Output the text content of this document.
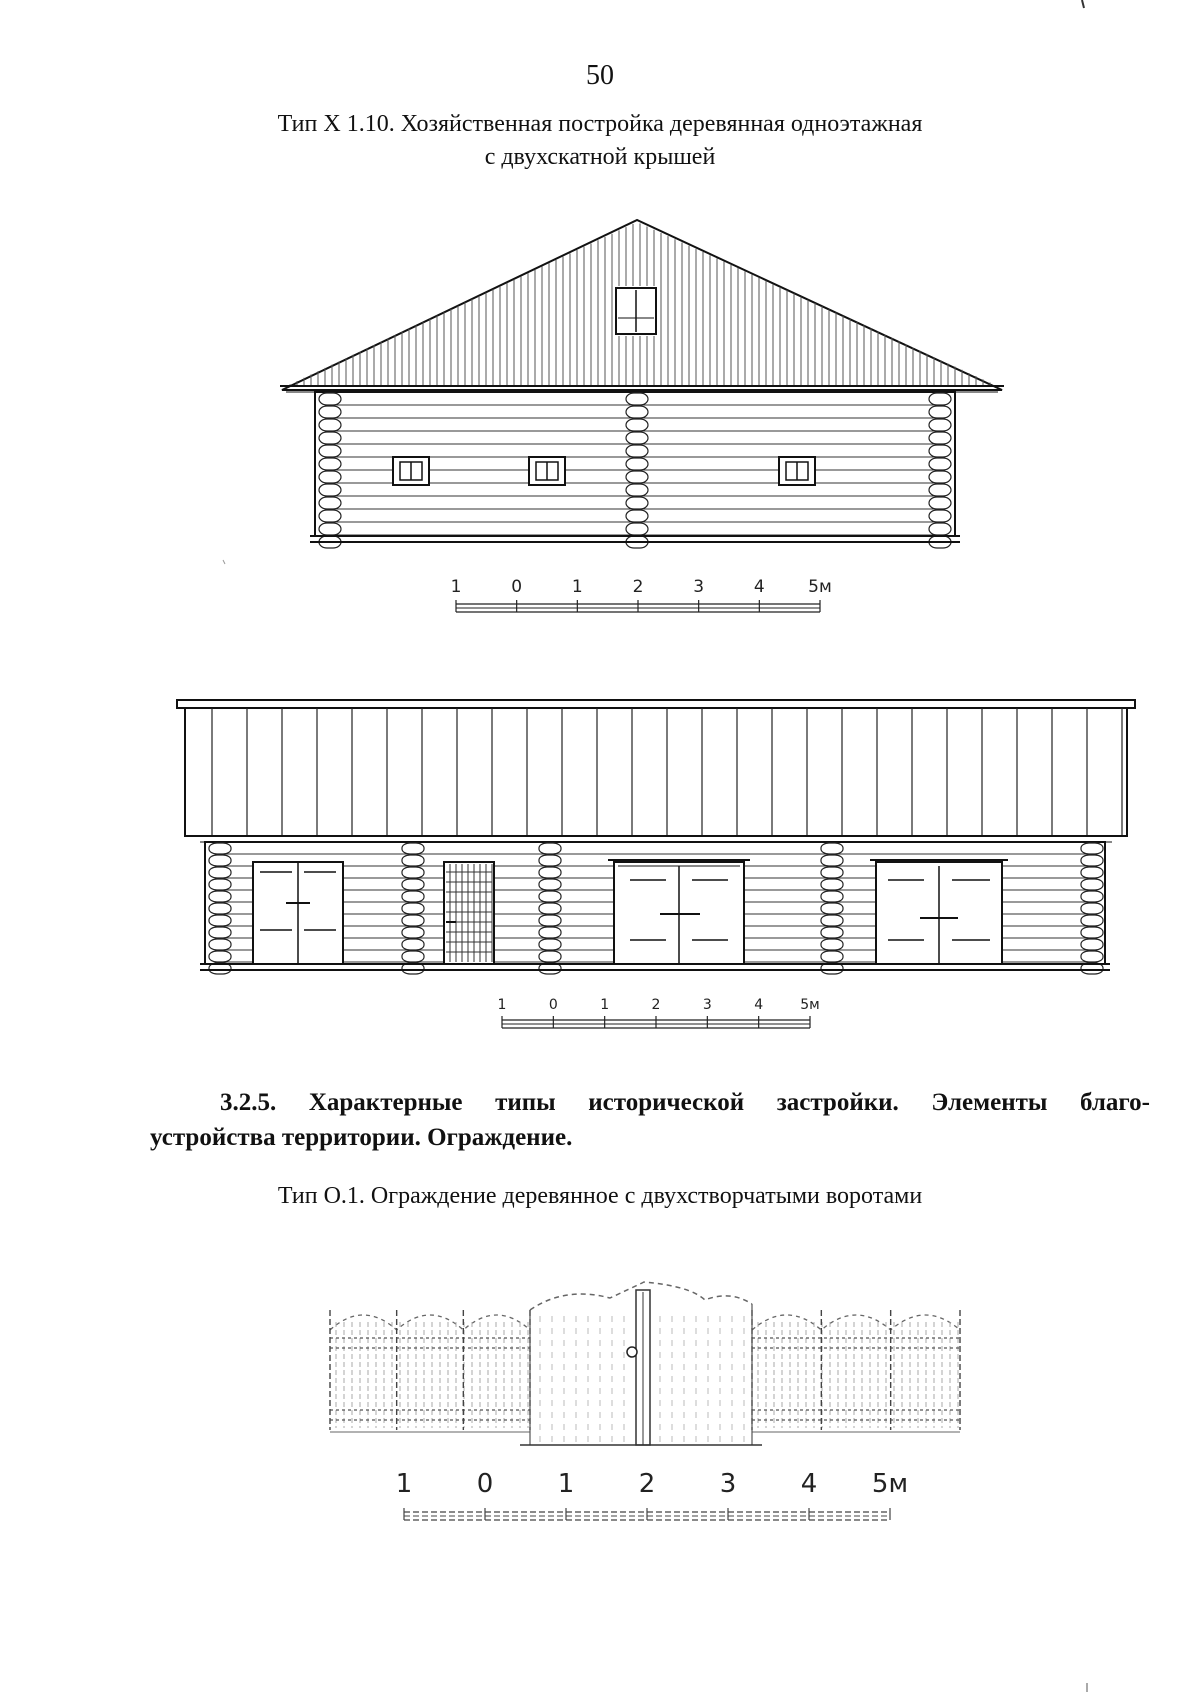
50
Тип Х 1.10. Хозяйственная постройка деревянная одноэтажная
с двухскатной крышей
1	0	1	2	3	4	5м
1	0	1	2	3	4	5м
1 0 1 2 3 4 5м
3.2.5. Характерные типы исторической застройки. Элементы благо-
устройства территории. Ограждение.
Тип О.1. Ограждение деревянное с двухстворчатыми воротами
